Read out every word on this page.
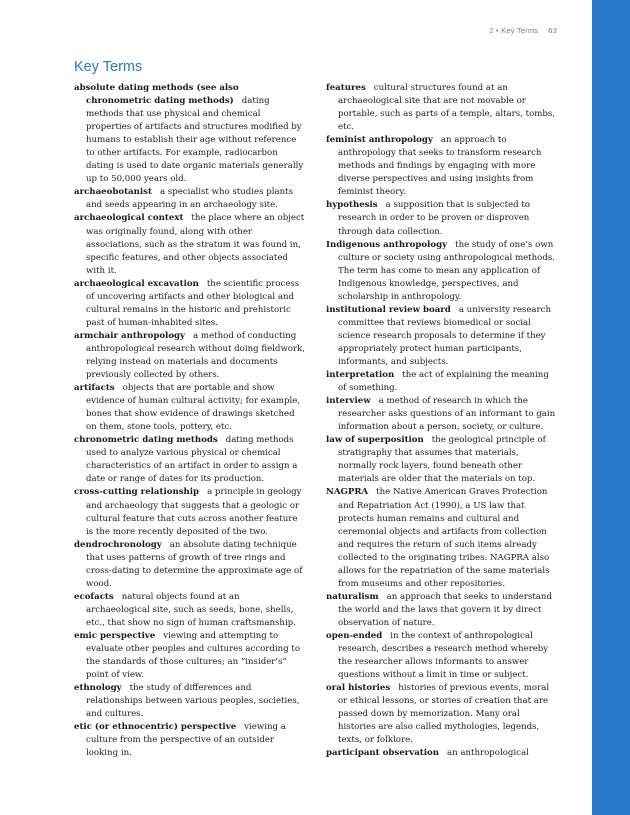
2 • Key Terms 63
Key Terms

absolute dating methods (see also chronometric dating methods) dating methods that use physical and chemical properties of artifacts and structures modified by humans to establish their age without reference to other artifacts. For example, radiocarbon dating is used to date organic materials generally up to 50,000 years old.

archaeobotanist a specialist who studies plants and seeds appearing in an archaeology site.

archaeological context the place where an object was originally found, along with other associations, such as the stratum it was found in, specific features, and other objects associated with it.

archaeological excavation the scientific process of uncovering artifacts and other biological and cultural remains in the historic and prehistoric past of human-inhabited sites.

armchair anthropology a method of conducting anthropological research without doing fieldwork, relying instead on materials and documents previously collected by others.

artifacts objects that are portable and show evidence of human cultural activity; for example, bones that show evidence of drawings sketched on them, stone tools, pottery, etc.

chronometric dating methods dating methods used to analyze various physical or chemical characteristics of an artifact in order to assign a date or range of dates for its production.

cross-cutting relationship a principle in geology and archaeology that suggests that a geologic or cultural feature that cuts across another feature is the more recently deposited of the two.

dendrochronology an absolute dating technique that uses patterns of growth of tree rings and cross-dating to determine the approximate age of wood.

ecofacts natural objects found at an archaeological site, such as seeds, bone, shells, etc., that show no sign of human craftsmanship.

emic perspective viewing and attempting to evaluate other peoples and cultures according to the standards of those cultures; an “insider’s” point of view.

ethnology the study of differences and relationships between various peoples, societies, and cultures.

etic (or ethnocentric) perspective viewing a culture from the perspective of an outsider looking in.

features cultural structures found at an archaeological site that are not movable or portable, such as parts of a temple, altars, tombs, etc.

feminist anthropology an approach to anthropology that seeks to transform research methods and findings by engaging with more diverse perspectives and using insights from feminist theory.

hypothesis a supposition that is subjected to research in order to be proven or disproven through data collection.

Indigenous anthropology the study of one’s own culture or society using anthropological methods. The term has come to mean any application of Indigenous knowledge, perspectives, and scholarship in anthropology.

institutional review board a university research committee that reviews biomedical or social science research proposals to determine if they appropriately protect human participants, informants, and subjects.

interpretation the act of explaining the meaning of something.

interview a method of research in which the researcher asks questions of an informant to gain information about a person, society, or culture.

law of superposition the geological principle of stratigraphy that assumes that materials, normally rock layers, found beneath other materials are older that the materials on top.

NAGPRA the Native American Graves Protection and Repatriation Act (1990), a US law that protects human remains and cultural and ceremonial objects and artifacts from collection and requires the return of such items already collected to the originating tribes. NAGPRA also allows for the repatriation of the same materials from museums and other repositories.

naturalism an approach that seeks to understand the world and the laws that govern it by direct observation of nature.

open-ended in the context of anthropological research, describes a research method whereby the researcher allows informants to answer questions without a limit in time or subject.

oral histories histories of previous events, moral or ethical lessons, or stories of creation that are passed down by memorization. Many oral histories are also called mythologies, legends, texts, or folklore.

participant observation an anthropological
